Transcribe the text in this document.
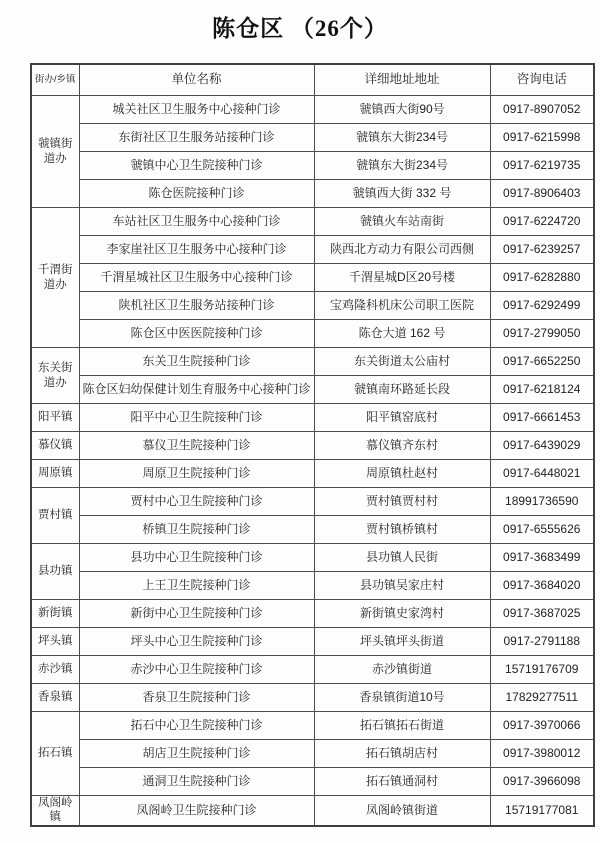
陈仓区 （26个）
街办/乡镇	单位名称	详细地址地址	咨询电话
虢镇街道办	城关社区卫生服务中心接种门诊	虢镇西大街90号	0917-8907052
	东街社区卫生服务站接种门诊	虢镇东大街234号	0917-6215998
	虢镇中心卫生院接种门诊	虢镇东大街234号	0917-6219735
	陈仓医院接种门诊	虢镇西大街 332 号	0917-8906403
千渭街道办	车站社区卫生服务中心接种门诊	虢镇火车站南街	0917-6224720
	李家崖社区卫生服务中心接种门诊	陕西北方动力有限公司西侧	0917-6239257
	千渭星城社区卫生服务中心接种门诊	千渭星城D区20号楼	0917-6282880
	陕机社区卫生服务站接种门诊	宝鸡隆科机床公司职工医院	0917-6292499
	陈仓区中医医院接种门诊	陈仓大道 162 号	0917-2799050
东关街道办	东关卫生院接种门诊	东关街道太公庙村	0917-6652250
	陈仓区妇幼保健计划生育服务中心接种门诊	虢镇南环路延长段	0917-6218124
阳平镇	阳平中心卫生院接种门诊	阳平镇窑底村	0917-6661453
慕仪镇	慕仪卫生院接种门诊	慕仪镇齐东村	0917-6439029
周原镇	周原卫生院接种门诊	周原镇杜赵村	0917-6448021
贾村镇	贾村中心卫生院接种门诊	贾村镇贾村村	18991736590
	桥镇卫生院接种门诊	贾村镇桥镇村	0917-6555626
县功镇	县功中心卫生院接种门诊	县功镇人民街	0917-3683499
	上王卫生院接种门诊	县功镇吴家庄村	0917-3684020
新街镇	新街中心卫生院接种门诊	新街镇史家湾村	0917-3687025
坪头镇	坪头中心卫生院接种门诊	坪头镇坪头街道	0917-2791188
赤沙镇	赤沙中心卫生院接种门诊	赤沙镇街道	15719176709
香泉镇	香泉卫生院接种门诊	香泉镇街道10号	17829277511
拓石镇	拓石中心卫生院接种门诊	拓石镇拓石街道	0917-3970066
	胡店卫生院接种门诊	拓石镇胡店村	0917-3980012
	通洞卫生院接种门诊	拓石镇通洞村	0917-3966098
凤阁岭镇	凤阁岭卫生院接种门诊	凤阁岭镇街道	15719177081
